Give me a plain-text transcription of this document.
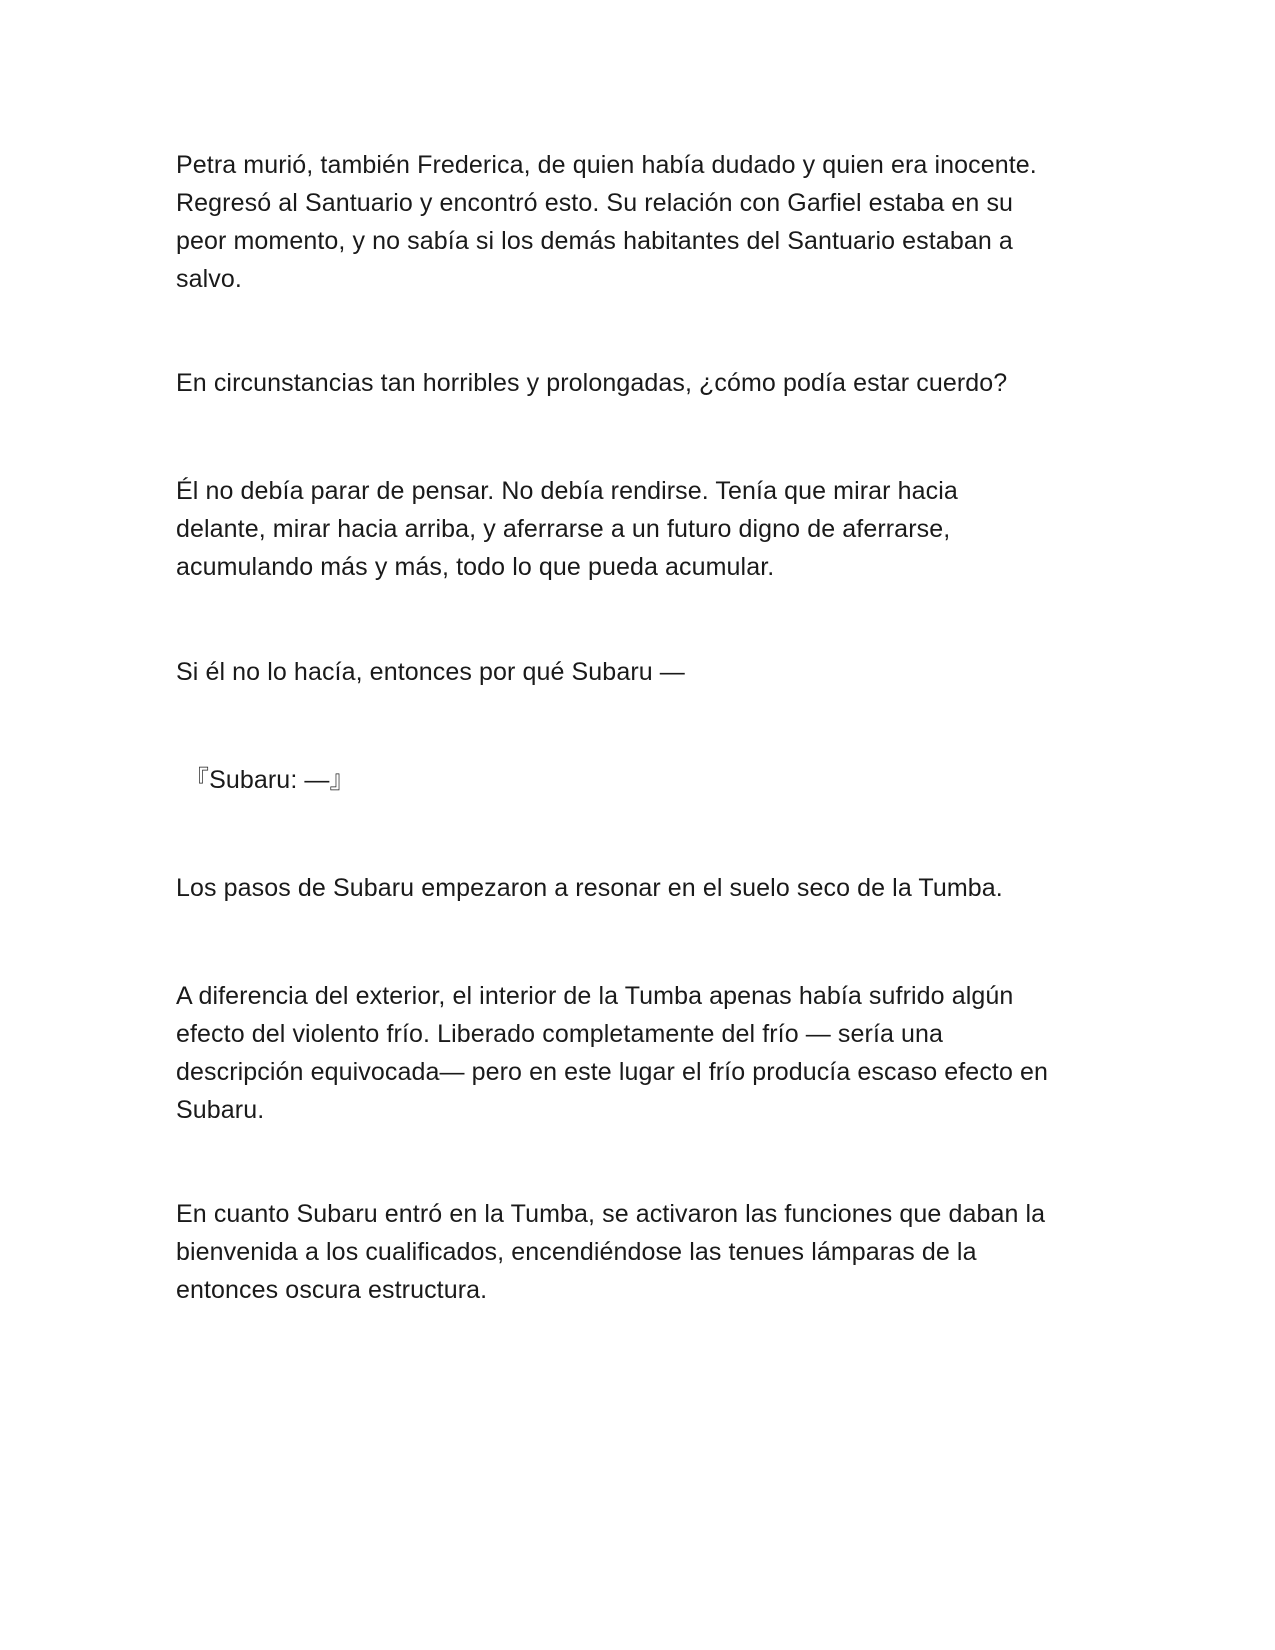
Petra murió, también Frederica, de quien había dudado y quien era inocente.
Regresó al Santuario y encontró esto. Su relación con Garfiel estaba en su
peor momento, y no sabía si los demás habitantes del Santuario estaban a
salvo.

En circunstancias tan horribles y prolongadas, ¿cómo podía estar cuerdo?

Él no debía parar de pensar. No debía rendirse. Tenía que mirar hacia
delante, mirar hacia arriba, y aferrarse a un futuro digno de aferrarse,
acumulando más y más, todo lo que pueda acumular.

Si él no lo hacía, entonces por qué Subaru —

『Subaru: —』

Los pasos de Subaru empezaron a resonar en el suelo seco de la Tumba.

A diferencia del exterior, el interior de la Tumba apenas había sufrido algún
efecto del violento frío. Liberado completamente del frío — sería una
descripción equivocada— pero en este lugar el frío producía escaso efecto en
Subaru.

En cuanto Subaru entró en la Tumba, se activaron las funciones que daban la
bienvenida a los cualificados, encendiéndose las tenues lámparas de la
entonces oscura estructura.
